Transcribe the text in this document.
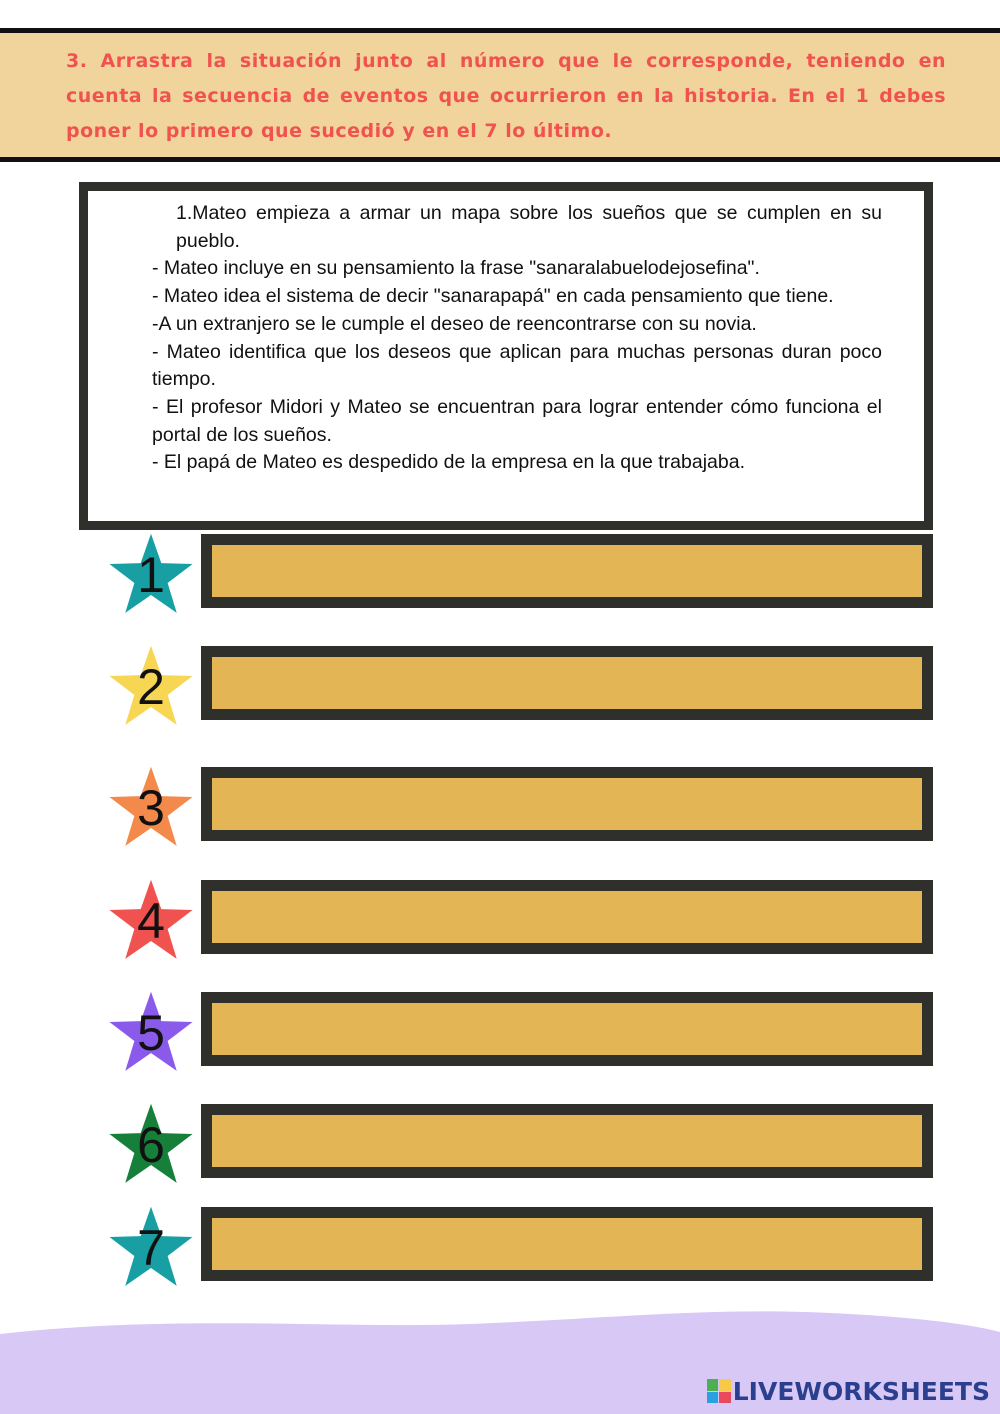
3. Arrastra la situación junto al número que le corresponde, teniendo en cuenta la secuencia de eventos que ocurrieron en la historia. En el 1 debes poner lo primero que sucedió y en el 7 lo último.

1.Mateo empieza a armar un mapa sobre los sueños que se cumplen en su pueblo.
- Mateo incluye en su pensamiento la frase "sanaralabuelodejosefina".
- Mateo idea el sistema de decir "sanarapapá" en cada pensamiento que tiene.
-A un extranjero se le cumple el deseo de reencontrarse con su novia.
- Mateo identifica que los deseos que aplican para muchas personas duran poco tiempo.
- El profesor Midori y Mateo se encuentran para lograr entender cómo funciona el portal de los sueños.
- El papá de Mateo es despedido de la empresa en la que trabajaba.
1
2
3
4
5
6
7
LIVEWORKSHEETS
